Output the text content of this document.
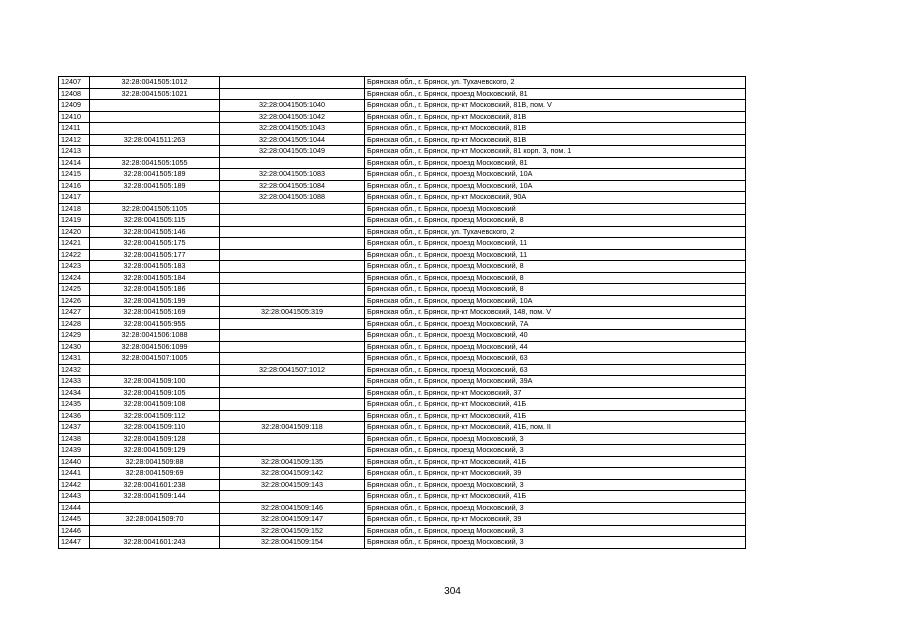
12407	32:28:0041505:1012		Брянская обл., г. Брянск, ул. Тухачевского, 2
12408	32:28:0041505:1021		Брянская обл., г. Брянск, проезд Московский, 81
12409		32:28:0041505:1040	Брянская обл., г. Брянск, пр-кт Московский, 81В, пом. V
12410		32:28:0041505:1042	Брянская обл., г. Брянск, пр-кт Московский, 81В
12411		32:28:0041505:1043	Брянская обл., г. Брянск, пр-кт Московский, 81В
12412	32:28:0041511:263	32:28:0041505:1044	Брянская обл., г. Брянск, пр-кт Московский, 81В
12413		32:28:0041505:1049	Брянская обл., г. Брянск, пр-кт Московский, 81 корп. 3, пом. 1
12414	32:28:0041505:1055		Брянская обл., г. Брянск, проезд Московский, 81
12415	32:28:0041505:189	32:28:0041505:1083	Брянская обл., г. Брянск, проезд Московский, 10А
12416	32:28:0041505:189	32:28:0041505:1084	Брянская обл., г. Брянск, проезд Московский, 10А
12417		32:28:0041505:1088	Брянская обл., г. Брянск, пр-кт Московский, 90А
12418	32:28:0041505:1105		Брянская обл., г. Брянск, проезд Московский
12419	32:28:0041505:115		Брянская обл., г. Брянск, проезд Московский, 8
12420	32:28:0041505:146		Брянская обл., г. Брянск, ул. Тухачевского, 2
12421	32:28:0041505:175		Брянская обл., г. Брянск, проезд Московский, 11
12422	32:28:0041505:177		Брянская обл., г. Брянск, проезд Московский, 11
12423	32:28:0041505:183		Брянская обл., г. Брянск, проезд Московский, 8
12424	32:28:0041505:184		Брянская обл., г. Брянск, проезд Московский, 8
12425	32:28:0041505:186		Брянская обл., г. Брянск, проезд Московский, 8
12426	32:28:0041505:199		Брянская обл., г. Брянск, проезд Московский, 10А
12427	32:28:0041505:169	32:28:0041505:319	Брянская обл., г. Брянск, пр-кт Московский, 148, пом. V
12428	32:28:0041505:955		Брянская обл., г. Брянск, проезд Московский, 7А
12429	32:28:0041506:1088		Брянская обл., г. Брянск, проезд Московский, 40
12430	32:28:0041506:1099		Брянская обл., г. Брянск, проезд Московский, 44
12431	32:28:0041507:1005		Брянская обл., г. Брянск, проезд Московский, 63
12432		32:28:0041507:1012	Брянская обл., г. Брянск, проезд Московский, 63
12433	32:28:0041509:100		Брянская обл., г. Брянск, проезд Московский, 39А
12434	32:28:0041509:105		Брянская обл., г. Брянск, пр-кт Московский, 37
12435	32:28:0041509:108		Брянская обл., г. Брянск, пр-кт Московский, 41Б
12436	32:28:0041509:112		Брянская обл., г. Брянск, пр-кт Московский, 41Б
12437	32:28:0041509:110	32:28:0041509:118	Брянская обл., г. Брянск, пр-кт Московский, 41Б, пом. II
12438	32:28:0041509:128		Брянская обл., г. Брянск, проезд Московский, 3
12439	32:28:0041509:129		Брянская обл., г. Брянск, проезд Московский, 3
12440	32:28:0041509:88	32:28:0041509:135	Брянская обл., г. Брянск, пр-кт Московский, 41Б
12441	32:28:0041509:69	32:28:0041509:142	Брянская обл., г. Брянск, пр-кт Московский, 39
12442	32:28:0041601:238	32:28:0041509:143	Брянская обл., г. Брянск, проезд Московский, 3
12443	32:28:0041509:144		Брянская обл., г. Брянск, пр-кт Московский, 41Б
12444		32:28:0041509:146	Брянская обл., г. Брянск, проезд Московский, 3
12445	32:28:0041509:70	32:28:0041509:147	Брянская обл., г. Брянск, пр-кт Московский, 39
12446		32:28:0041509:152	Брянская обл., г. Брянск, проезд Московский, 3
12447	32:28:0041601:243	32:28:0041509:154	Брянская обл., г. Брянск, проезд Московский, 3
304
